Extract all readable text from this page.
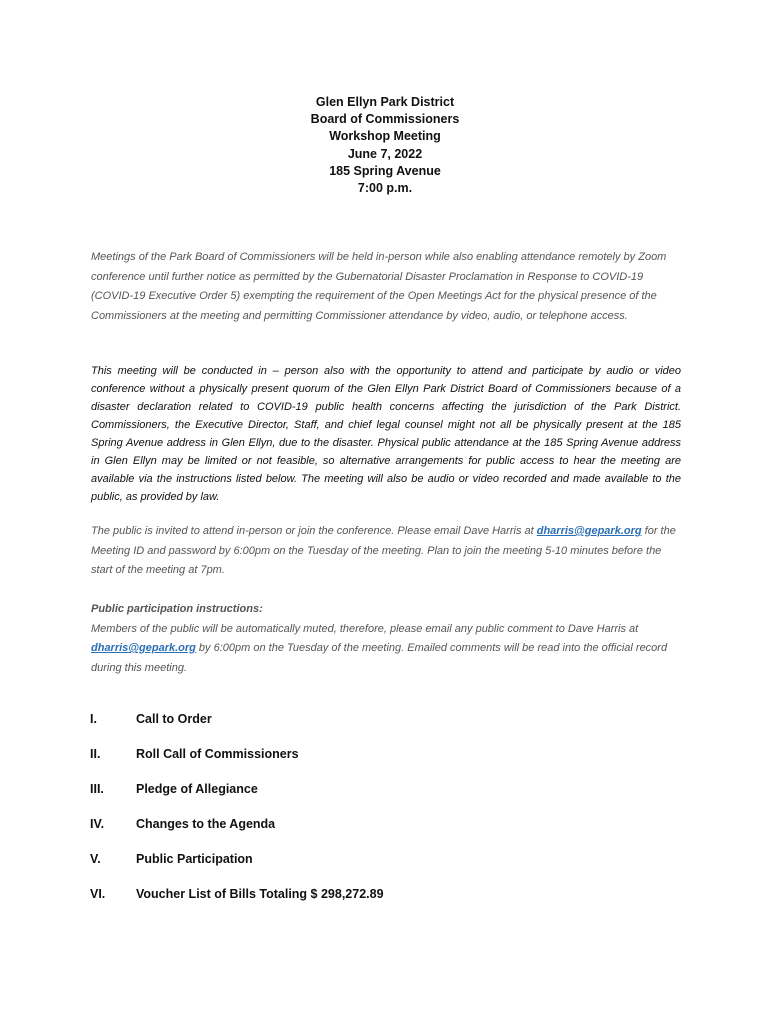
Glen Ellyn Park District
Board of Commissioners
Workshop Meeting
June 7, 2022
185 Spring Avenue
7:00 p.m.

Meetings of the Park Board of Commissioners will be held in-person while also enabling attendance remotely by Zoom conference until further notice as permitted by the Gubernatorial Disaster Proclamation in Response to COVID-19 (COVID-19 Executive Order 5) exempting the requirement of the Open Meetings Act for the physical presence of the Commissioners at the meeting and permitting Commissioner attendance by video, audio, or telephone access.

This meeting will be conducted in – person also with the opportunity to attend and participate by audio or video conference without a physically present quorum of the Glen Ellyn Park District Board of Commissioners because of a disaster declaration related to COVID-19 public health concerns affecting the jurisdiction of the Park District. Commissioners, the Executive Director, Staff, and chief legal counsel might not all be physically present at the 185 Spring Avenue address in Glen Ellyn, due to the disaster. Physical public attendance at the 185 Spring Avenue address in Glen Ellyn may be limited or not feasible, so alternative arrangements for public access to hear the meeting are available via the instructions listed below. The meeting will also be audio or video recorded and made available to the public, as provided by law.

The public is invited to attend in-person or join the conference. Please email Dave Harris at dharris@gepark.org for the Meeting ID and password by 6:00pm on the Tuesday of the meeting. Plan to join the meeting 5-10 minutes before the start of the meeting at 7pm.

Public participation instructions:
Members of the public will be automatically muted, therefore, please email any public comment to Dave Harris at dharris@gepark.org by 6:00pm on the Tuesday of the meeting. Emailed comments will be read into the official record during this meeting.
I.	Call to Order
II.	Roll Call of Commissioners
III.	Pledge of Allegiance
IV.	Changes to the Agenda
V.	Public Participation
VI. Voucher List of Bills Totaling $ 298,272.89
